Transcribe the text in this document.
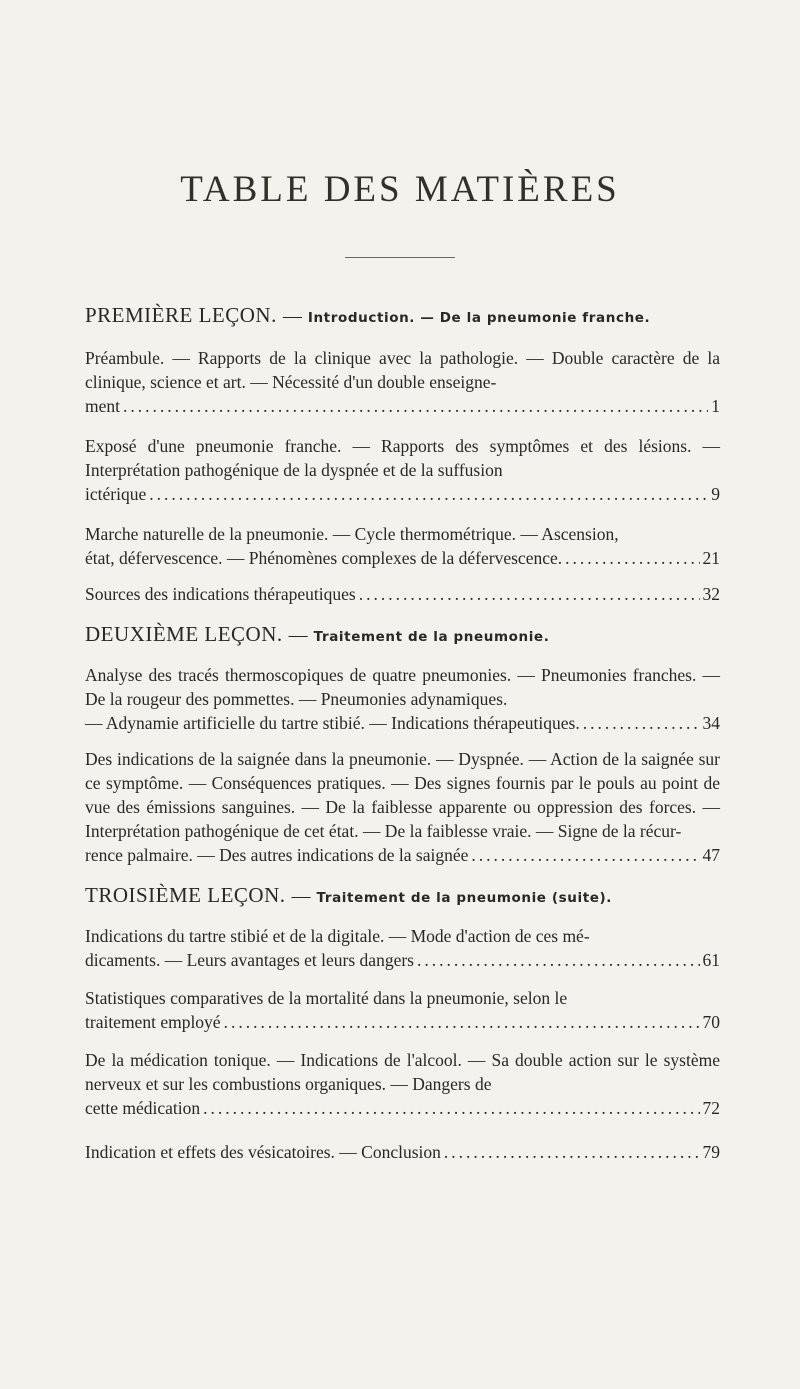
TABLE DES MATIÈRES

PREMIÈRE LEÇON. — Introduction. — De la pneumonie franche.

Préambule. — Rapports de la clinique avec la pathologie. — Double caractère de la clinique, science et art. — Nécessité d'un double enseigne-
ment .....	1
Exposé d'une pneumonie franche. — Rapports des symptômes et des lésions. — Interprétation pathogénique de la dyspnée et de la suffusion
ictérique .....	9
Marche naturelle de la pneumonie. — Cycle thermométrique. — Ascension,
état, défervescence. — Phénomènes complexes de la défervescence. .....	21
Sources des indications thérapeutiques .....	32

DEUXIÈME LEÇON. — Traitement de la pneumonie.

Analyse des tracés thermoscopiques de quatre pneumonies. — Pneumonies franches. — De la rougeur des pommettes. — Pneumonies adynamiques.
— Adynamie artificielle du tartre stibié. — Indications thérapeutiques. .....	34
Des indications de la saignée dans la pneumonie. — Dyspnée. — Action de la saignée sur ce symptôme. — Conséquences pratiques. — Des signes fournis par le pouls au point de vue des émissions sanguines. — De la faiblesse apparente ou oppression des forces. — Interprétation pathogénique de cet état. — De la faiblesse vraie. — Signe de la récur-
rence palmaire. — Des autres indications de la saignée .....	47

TROISIÈME LEÇON. — Traitement de la pneumonie (suite).

Indications du tartre stibié et de la digitale. — Mode d'action de ces mé-
dicaments. — Leurs avantages et leurs dangers .....	61
Statistiques comparatives de la mortalité dans la pneumonie, selon le
traitement employé .....	70
De la médication tonique. — Indications de l'alcool. — Sa double action sur le système nerveux et sur les combustions organiques. — Dangers de
cette médication .....	72
Indication et effets des vésicatoires. — Conclusion .....	79
